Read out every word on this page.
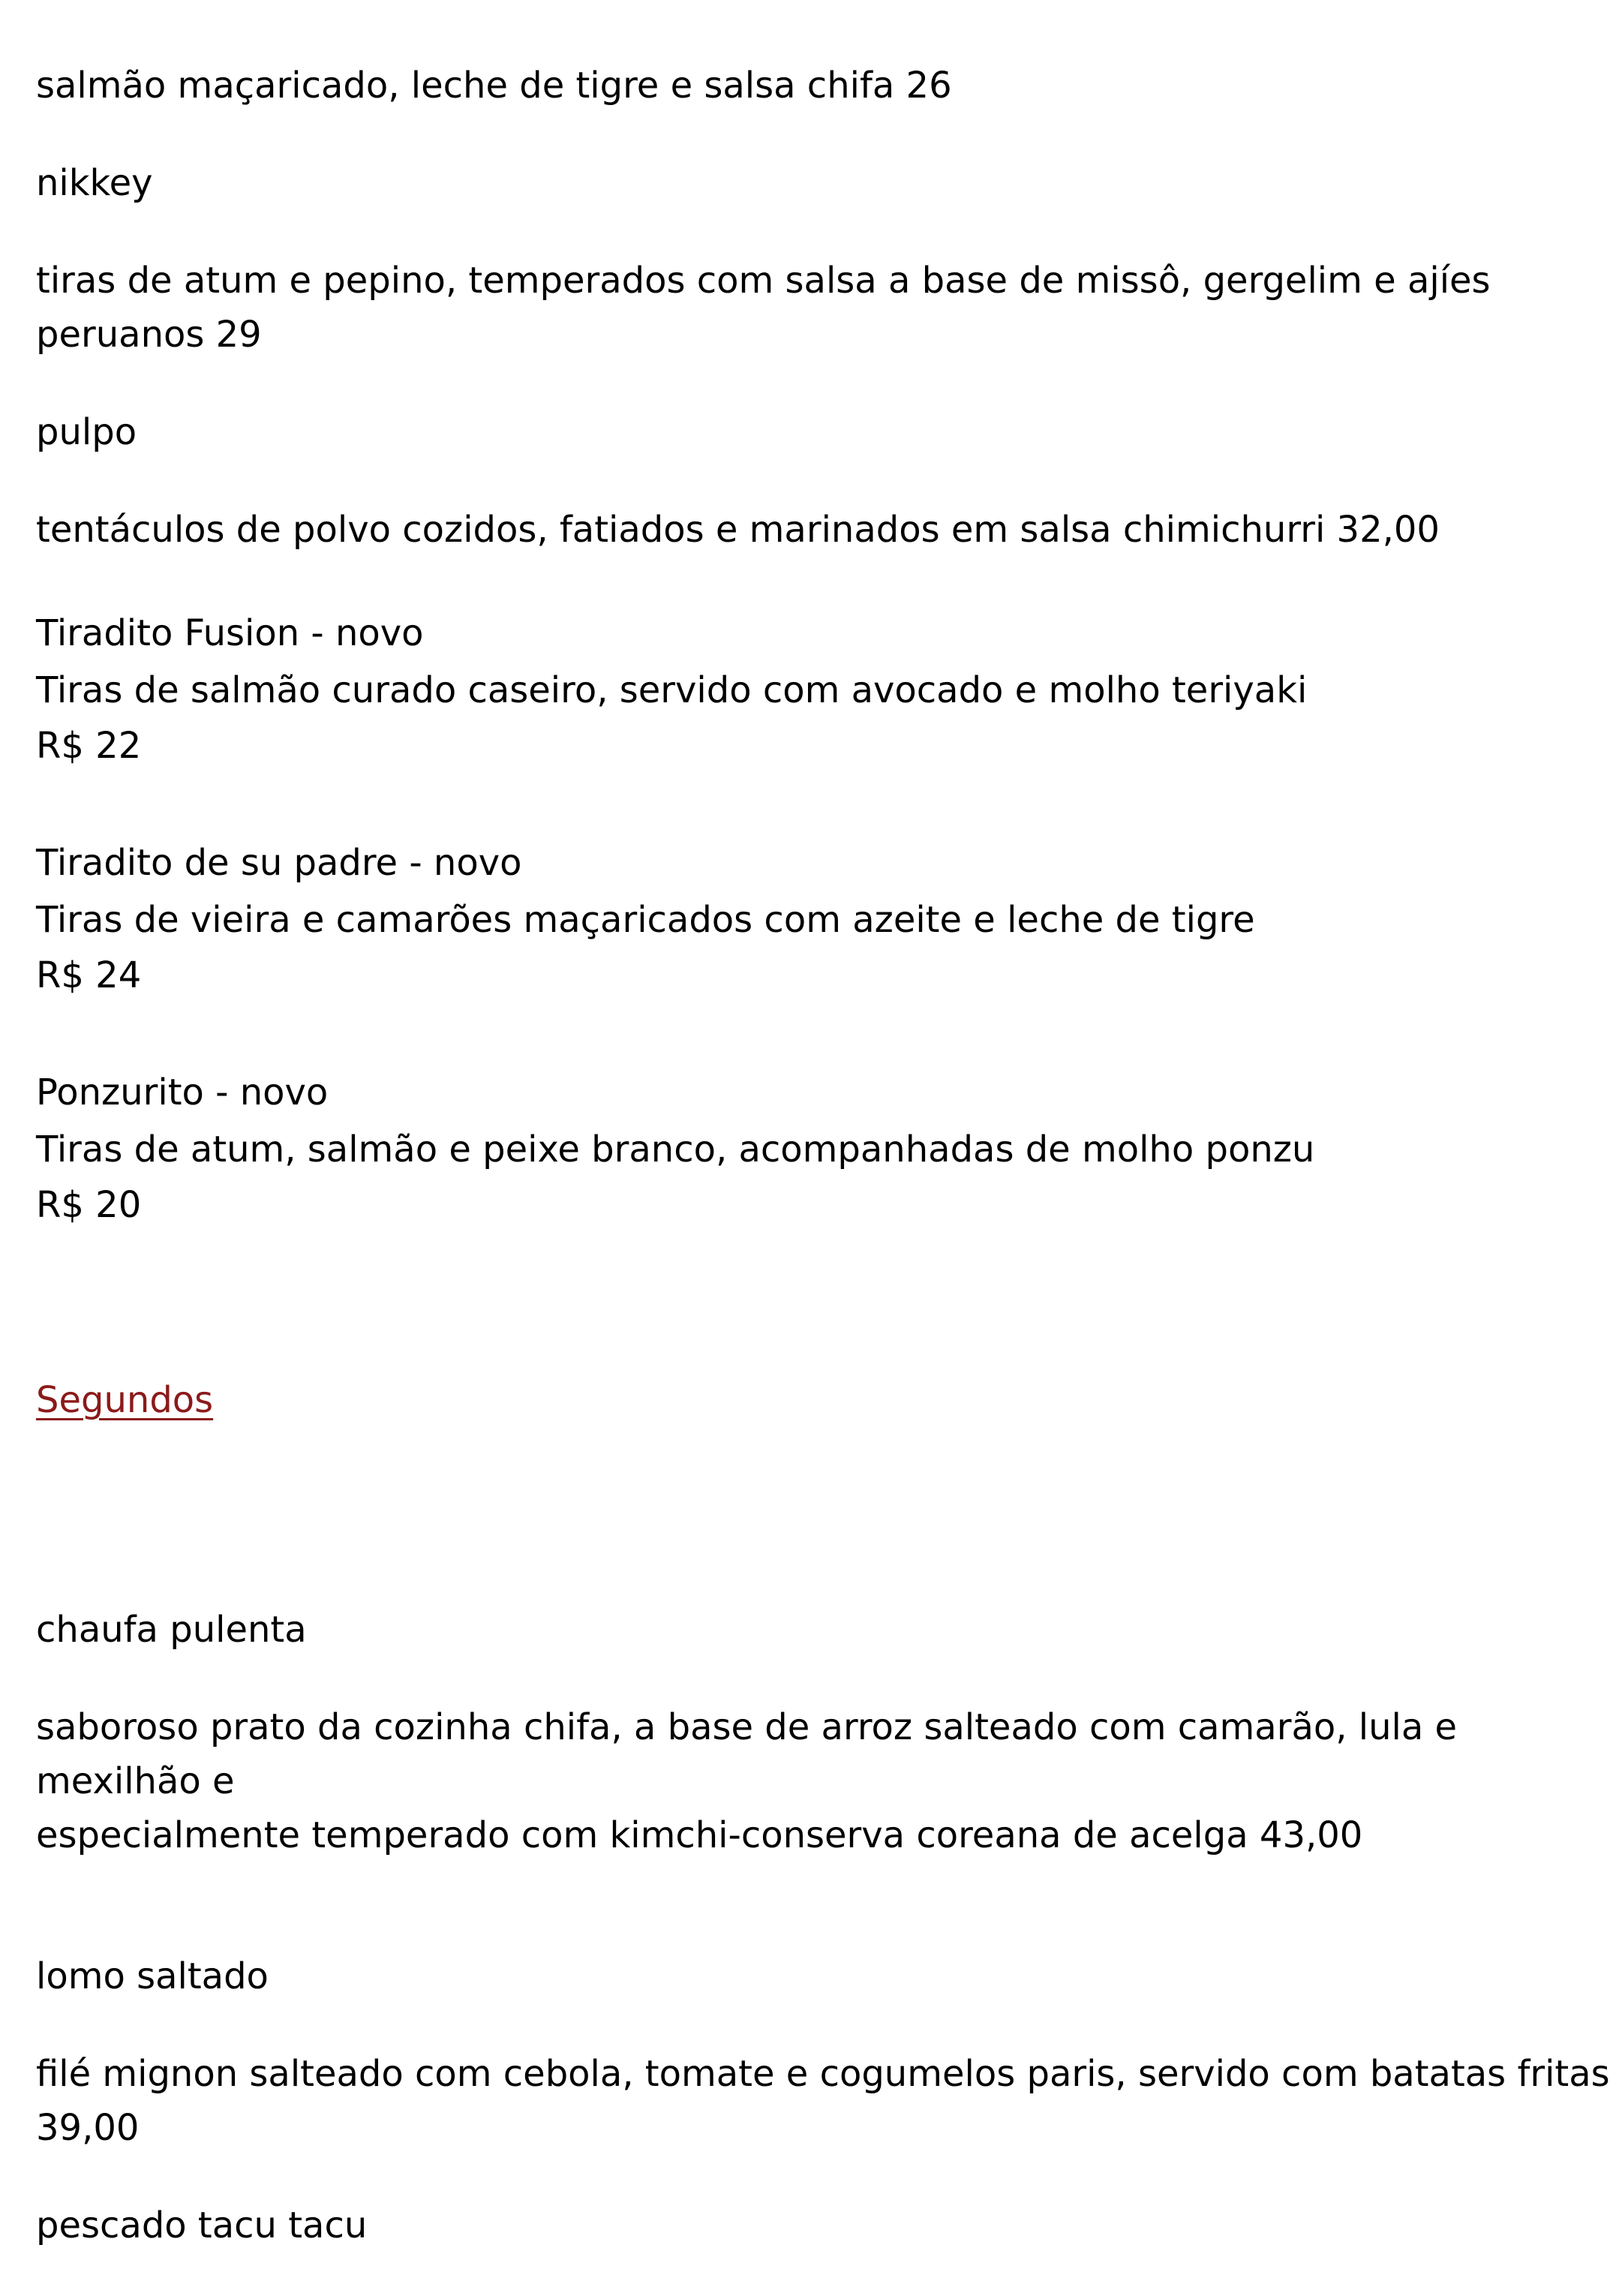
salmão maçaricado, leche de tigre e salsa chifa 26
nikkey
tiras de atum e pepino, temperados com salsa a base de missô, gergelim e ajíes
peruanos 29
pulpo
tentáculos de polvo cozidos, fatiados e marinados em salsa chimichurri 32,00
Tiradito Fusion - novo
Tiras de salmão curado caseiro, servido com avocado e molho teriyaki
R$ 22
Tiradito de su padre - novo
Tiras de vieira e camarões maçaricados com azeite e leche de tigre
R$ 24
Ponzurito - novo
Tiras de atum, salmão e peixe branco, acompanhadas de molho ponzu
R$ 20
Segundos
chaufa pulenta
saboroso prato da cozinha chifa, a base de arroz salteado com camarão, lula e
mexilhão e
especialmente temperado com kimchi-conserva coreana de acelga 43,00
lomo saltado
filé mignon salteado com cebola, tomate e cogumelos paris, servido com batatas fritas
39,00
pescado tacu tacu
